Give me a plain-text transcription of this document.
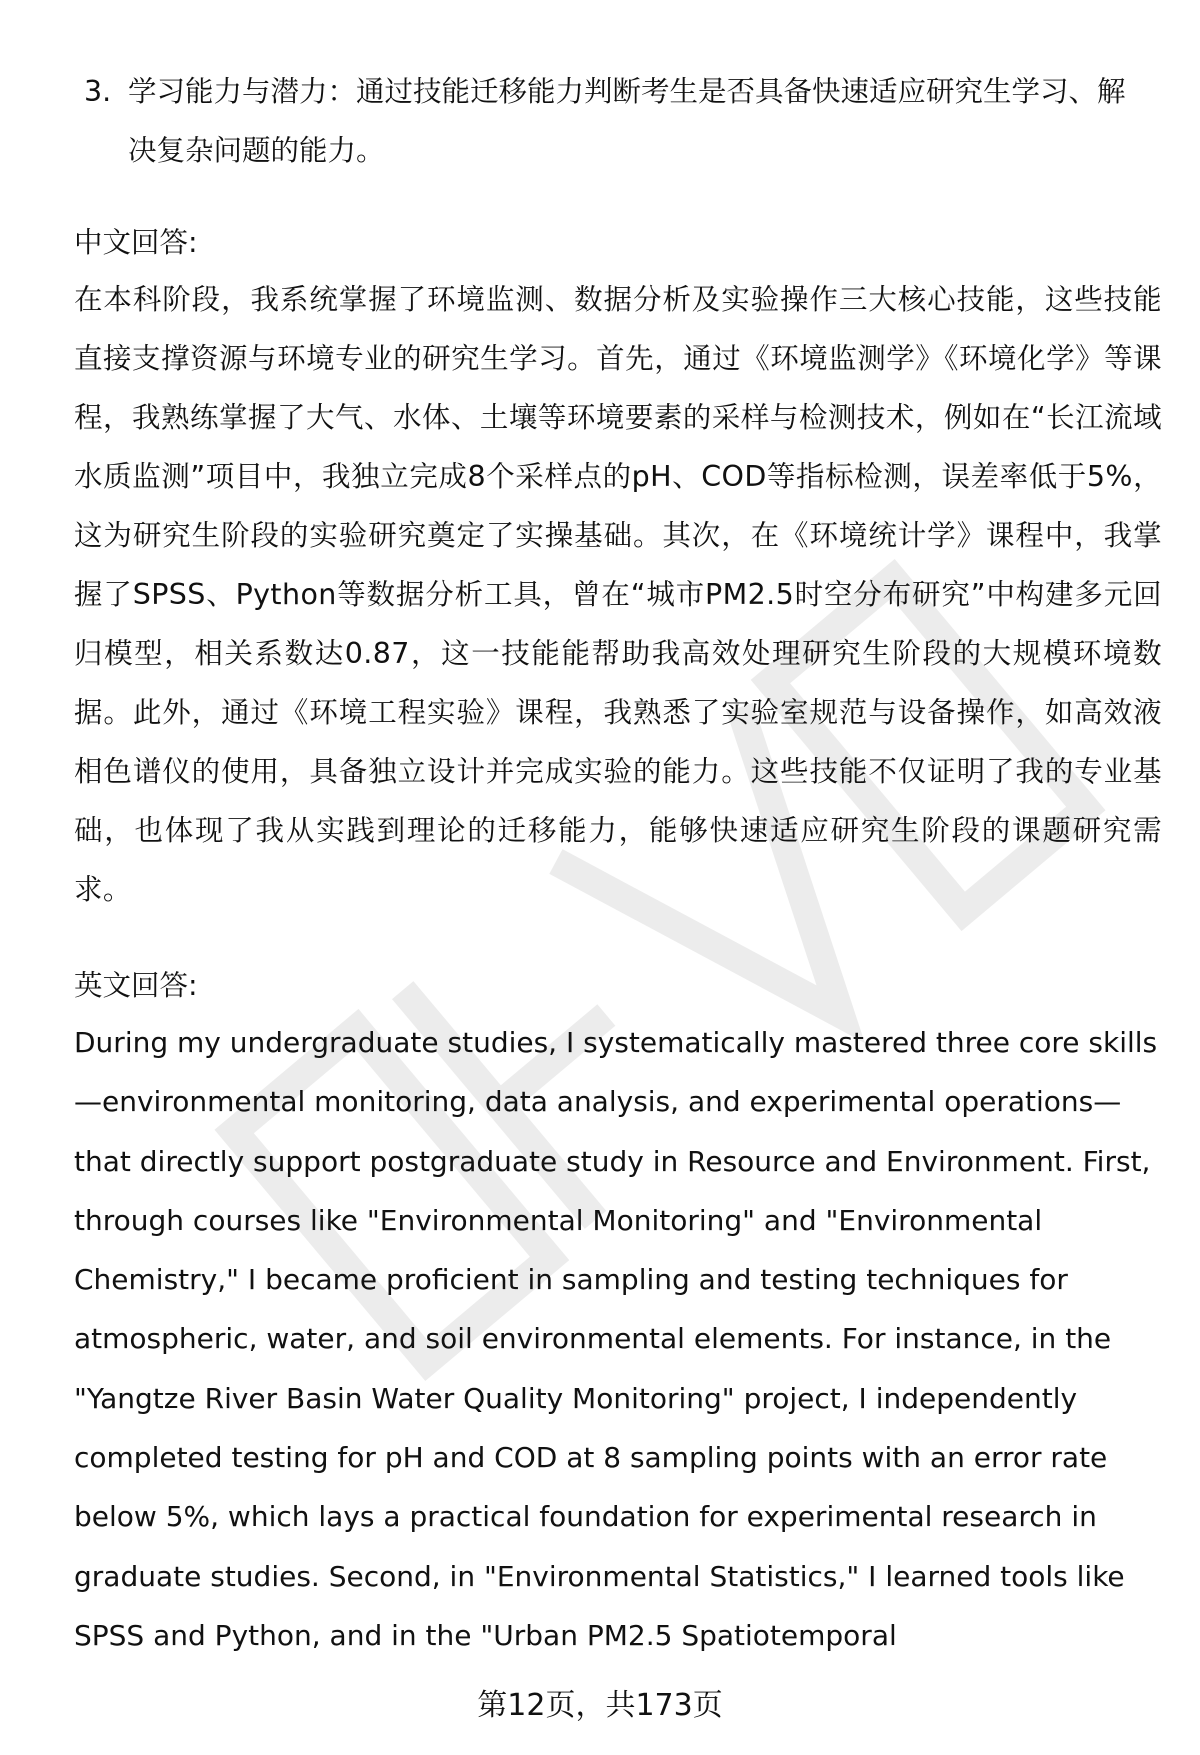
3. 学习能力与潜力：通过技能迁移能力判断考生是否具备快速适应研究生学习、解决复杂问题的能力。
中文回答:
在本科阶段，我系统掌握了环境监测、数据分析及实验操作三大核心技能，这些技能直接支撑资源与环境专业的研究生学习。首先，通过《环境监测学》《环境化学》等课程，我熟练掌握了大气、水体、土壤等环境要素的采样与检测技术，例如在“长江流域水质监测”项目中，我独立完成8个采样点的pH、COD等指标检测，误差率低于5%，这为研究生阶段的实验研究奠定了实操基础。其次，在《环境统计学》课程中，我掌握了SPSS、Python等数据分析工具，曾在“城市PM2.5时空分布研究”中构建多元回归模型，相关系数达0.87，这一技能能帮助我高效处理研究生阶段的大规模环境数据。此外，通过《环境工程实验》课程，我熟悉了实验室规范与设备操作，如高效液相色谱仪的使用，具备独立设计并完成实验的能力。这些技能不仅证明了我的专业基础，也体现了我从实践到理论的迁移能力，能够快速适应研究生阶段的课题研究需求。
英文回答:
During my undergraduate studies, I systematically mastered three core skills—environmental monitoring, data analysis, and experimental operations—that directly support postgraduate study in Resource and Environment. First, through courses like "Environmental Monitoring" and "Environmental Chemistry," I became proficient in sampling and testing techniques for atmospheric, water, and soil environmental elements. For instance, in the "Yangtze River Basin Water Quality Monitoring" project, I independently completed testing for pH and COD at 8 sampling points with an error rate below 5%, which lays a practical foundation for experimental research in graduate studies. Second, in "Environmental Statistics," I learned tools like SPSS and Python, and in the "Urban PM2.5 Spatiotemporal
第12页，共173页
